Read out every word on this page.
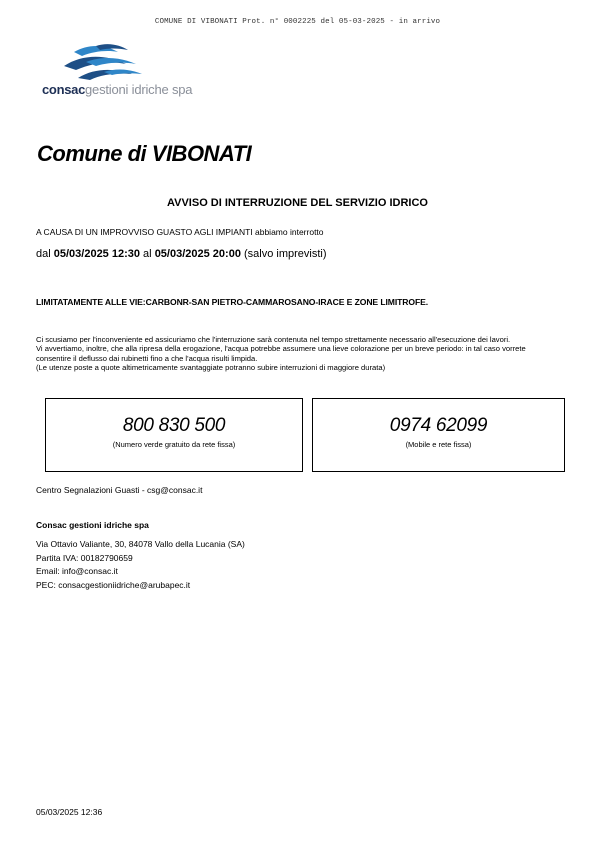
COMUNE DI VIBONATI Prot. n° 0002225 del 05-03-2025 - in arrivo
consacgestioni idriche spa
Comune di VIBONATI
AVVISO DI INTERRUZIONE DEL SERVIZIO IDRICO
A CAUSA DI UN IMPROVVISO GUASTO AGLI IMPIANTI abbiamo interrotto
dal 05/03/2025 12:30 al 05/03/2025 20:00 (salvo imprevisti)
LIMITATAMENTE ALLE VIE:CARBONR-SAN PIETRO-CAMMAROSANO-IRACE E ZONE LIMITROFE.

Ci scusiamo per l'inconveniente ed assicuriamo che l'interruzione sarà contenuta nel tempo strettamente necessario all'esecuzione dei lavori.

Vi avvertiamo, inoltre, che alla ripresa della erogazione, l'acqua potrebbe assumere una lieve colorazione per un breve periodo: in tal caso vorrete consentire il deflusso dai rubinetti fino a che l'acqua risulti limpida.

(Le utenze poste a quote altimetricamente svantaggiate potranno subire interruzioni di maggiore durata)

800 830 500
(Numero verde gratuito da rete fissa)
0974 62099
(Mobile e rete fissa)
Centro Segnalazioni Guasti - csg@consac.it
Consac gestioni idriche spa
Via Ottavio Valiante, 30, 84078 Vallo della Lucania (SA)
Partita IVA: 00182790659
Email: info@consac.it
PEC: consacgestioniidriche@arubapec.it
05/03/2025 12:36
